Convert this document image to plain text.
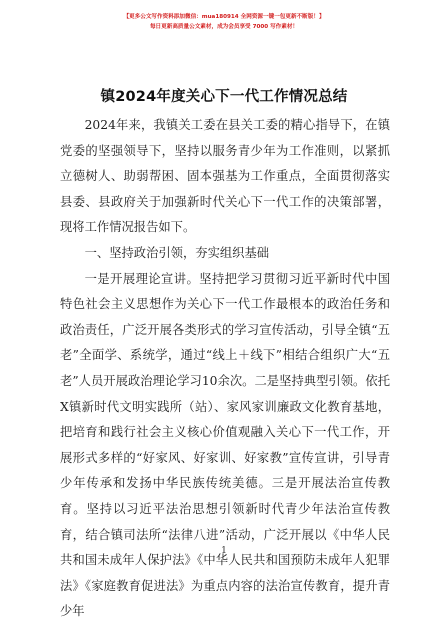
【更多公文写作资料添加微信：mua180914 全网资源一键一包更新不断版！】
每日更新高质量公文素材，成为会员享受 7000 写作素材！
镇2024年度关心下一代工作情况总结

2024年来，我镇关工委在县关工委的精心指导下，在镇党委的坚强领导下，坚持以服务青少年为工作准则，以紧抓立德树人、助弱帮困、固本强基为工作重点，全面贯彻落实县委、县政府关于加强新时代关心下一代工作的决策部署，现将工作情况报告如下。

一、坚持政治引领，夯实组织基础

一是开展理论宣讲。坚持把学习贯彻习近平新时代中国特色社会主义思想作为关心下一代工作最根本的政治任务和政治责任，广泛开展各类形式的学习宣传活动，引导全镇“五老”全面学、系统学，通过“线上＋线下”相结合组织广大“五老”人员开展政治理论学习10余次。二是坚持典型引领。依托X镇新时代文明实践所（站）、家风家训廉政文化教育基地，把培育和践行社会主义核心价值观融入关心下一代工作，开展形式多样的“好家风、好家训、好家教”宣传宣讲，引导青少年传承和发扬中华民族传统美德。三是开展法治宣传教育。坚持以习近平法治思想引领新时代青少年法治宣传教育，结合镇司法所“法律八进”活动，广泛开展以《中华人民共和国未成年人保护法》《中华人民共和国预防未成年人犯罪法》《家庭教育促进法》为重点内容的法治宣传教育，提升青少年

1
